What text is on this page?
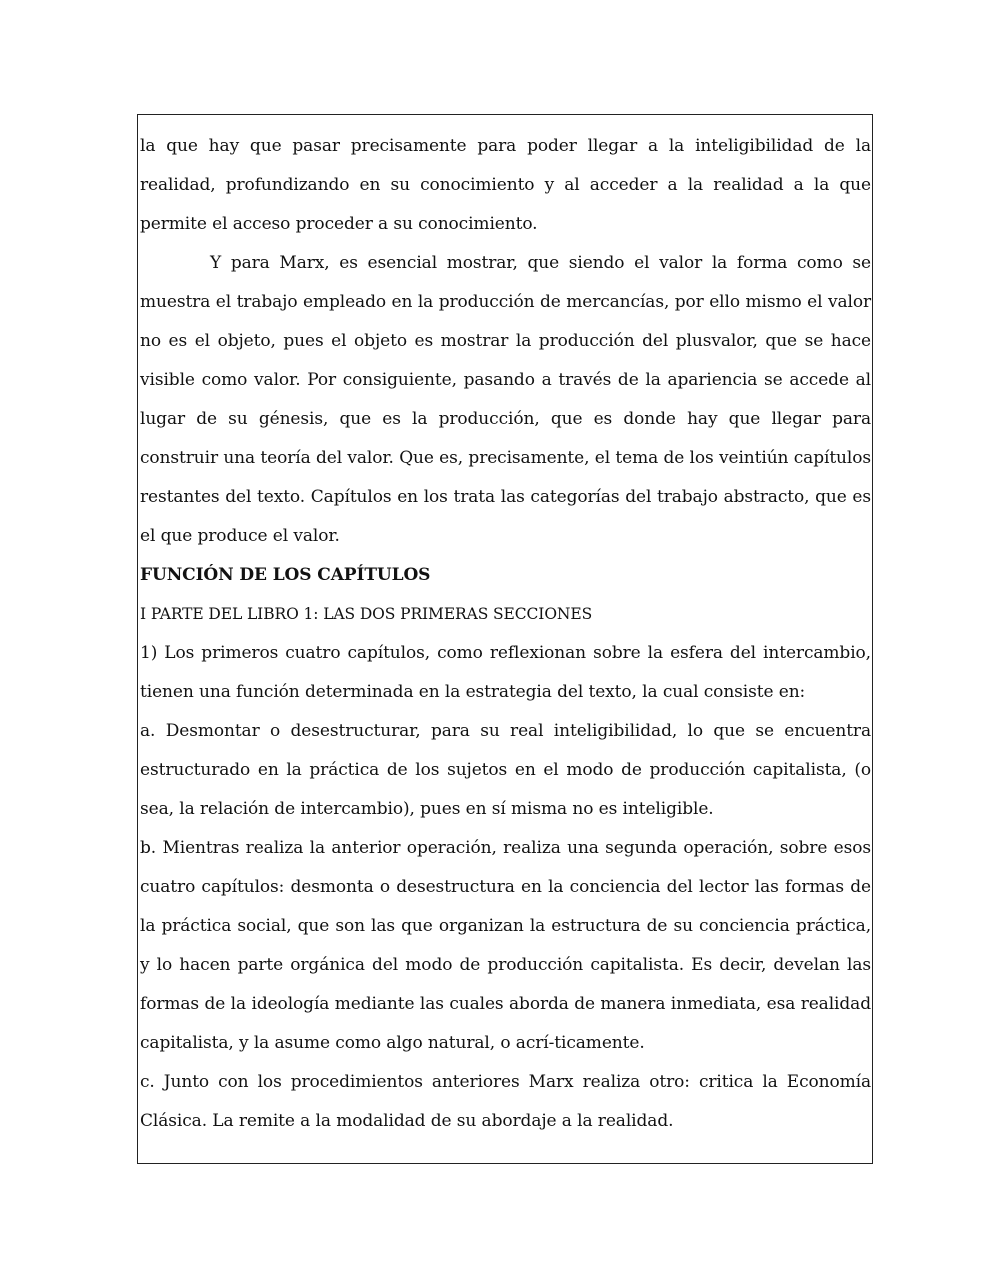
la que hay que pasar precisamente para poder llegar a la inteligibilidad de la realidad, profundizando en su conocimiento y al acceder a la realidad a la que permite el acceso proceder a su conocimiento.

Y para Marx, es esencial mostrar, que siendo el valor la forma como se muestra el trabajo empleado en la producción de mercancías, por ello mismo el valor no es el objeto, pues el objeto es mostrar la producción del plusvalor, que se hace visible como valor. Por consiguiente, pasando a través de la apariencia se accede al lugar de su génesis, que es la producción, que es donde hay que llegar para construir una teoría del valor. Que es, precisamente, el tema de los veintiún capítulos restantes del texto. Capítulos en los trata las categorías del trabajo abstracto, que es el que produce el valor.

FUNCIÓN DE LOS CAPÍTULOS

I PARTE DEL LIBRO 1: LAS DOS PRIMERAS SECCIONES

1) Los primeros cuatro capítulos, como reflexionan sobre la esfera del intercambio, tienen una función determinada en la estrategia del texto, la cual consiste en:

a. Desmontar o desestructurar, para su real inteligibilidad, lo que se encuentra estructurado en la práctica de los sujetos en el modo de producción capitalista, (o sea, la relación de intercambio), pues en sí misma no es inteligible.

b. Mientras realiza la anterior operación, realiza una segunda operación, sobre esos cuatro capítulos: desmonta o desestructura en la conciencia del lector las formas de la práctica social, que son las que organizan la estructura de su conciencia práctica, y lo hacen parte orgánica del modo de producción capitalista. Es decir, develan las formas de la ideología mediante las cuales aborda de manera inmediata, esa realidad capitalista, y la asume como algo natural, o acrí-ticamente.

c. Junto con los procedimientos anteriores Marx realiza otro: critica la Economía Clásica. La remite a la modalidad de su abordaje a la realidad.
